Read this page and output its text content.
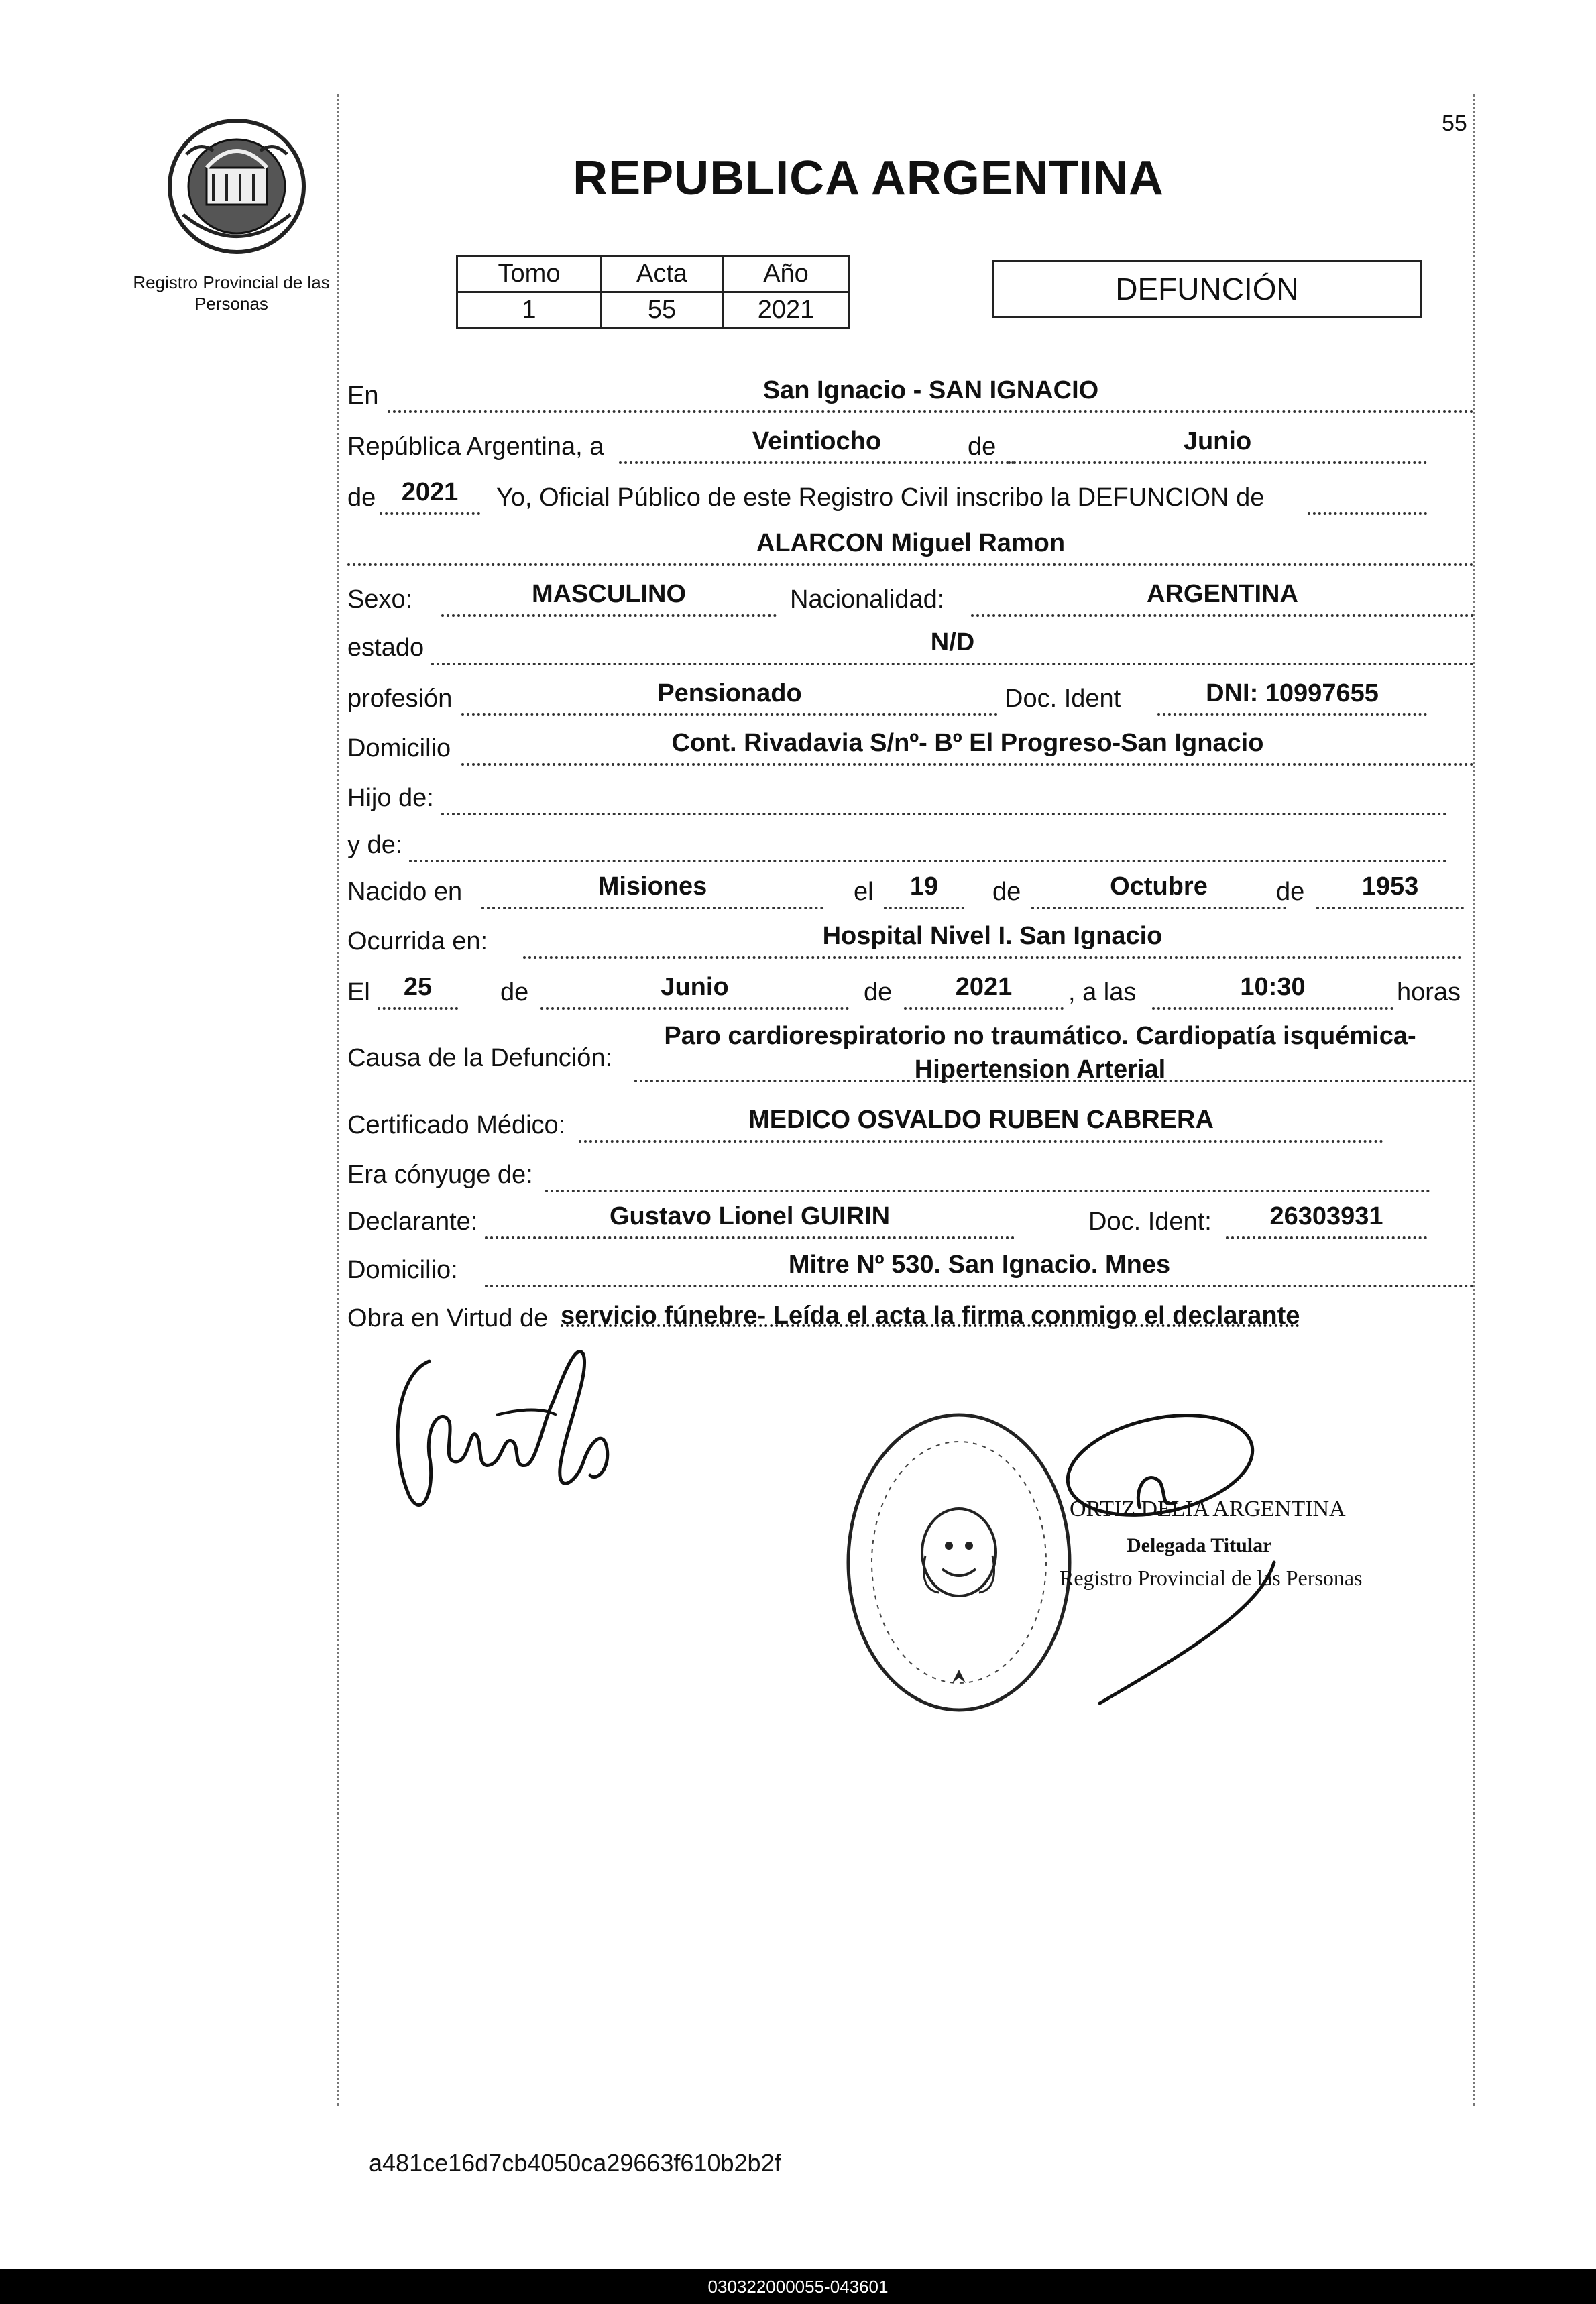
Registro Provincial de las Personas
55
REPUBLICA ARGENTINA
Tomo	Acta	Año
1	55	2021
DEFUNCIÓN
En	San Ignacio - SAN IGNACIO
República Argentina, a	Veintiocho	de	Junio
de	2021	Yo, Oficial Público de este Registro Civil inscribo la DEFUNCION de
ALARCON Miguel Ramon
Sexo:	MASCULINO	Nacionalidad:	ARGENTINA
estado	N/D
profesión	Pensionado	Doc. Ident	DNI: 10997655
Domicilio	Cont. Rivadavia S/nº- Bº El Progreso-San Ignacio
Hijo de:
y de:
Nacido en	Misiones	el	19	de	Octubre	de	1953
Ocurrida en:	Hospital Nivel I. San Ignacio
El	25	de	Junio	de	2021	, a las	10:30	horas
Causa de la Defunción:
Paro cardiorespiratorio no traumático. Cardiopatía isquémica-
Hipertension Arterial
Certificado Médico:	MEDICO OSVALDO RUBEN CABRERA
Era cónyuge de:
Declarante:	Gustavo Lionel GUIRIN	Doc. Ident:	26303931
Domicilio:	Mitre Nº 530. San Ignacio. Mnes
Obra en Virtud de servicio fúnebre- Leída el acta la firma conmigo el declarante
ORTIZ DELIA ARGENTINA
Delegada Titular
Registro Provincial de las Personas
a481ce16d7cb4050ca29663f610b2b2f
030322000055-043601
